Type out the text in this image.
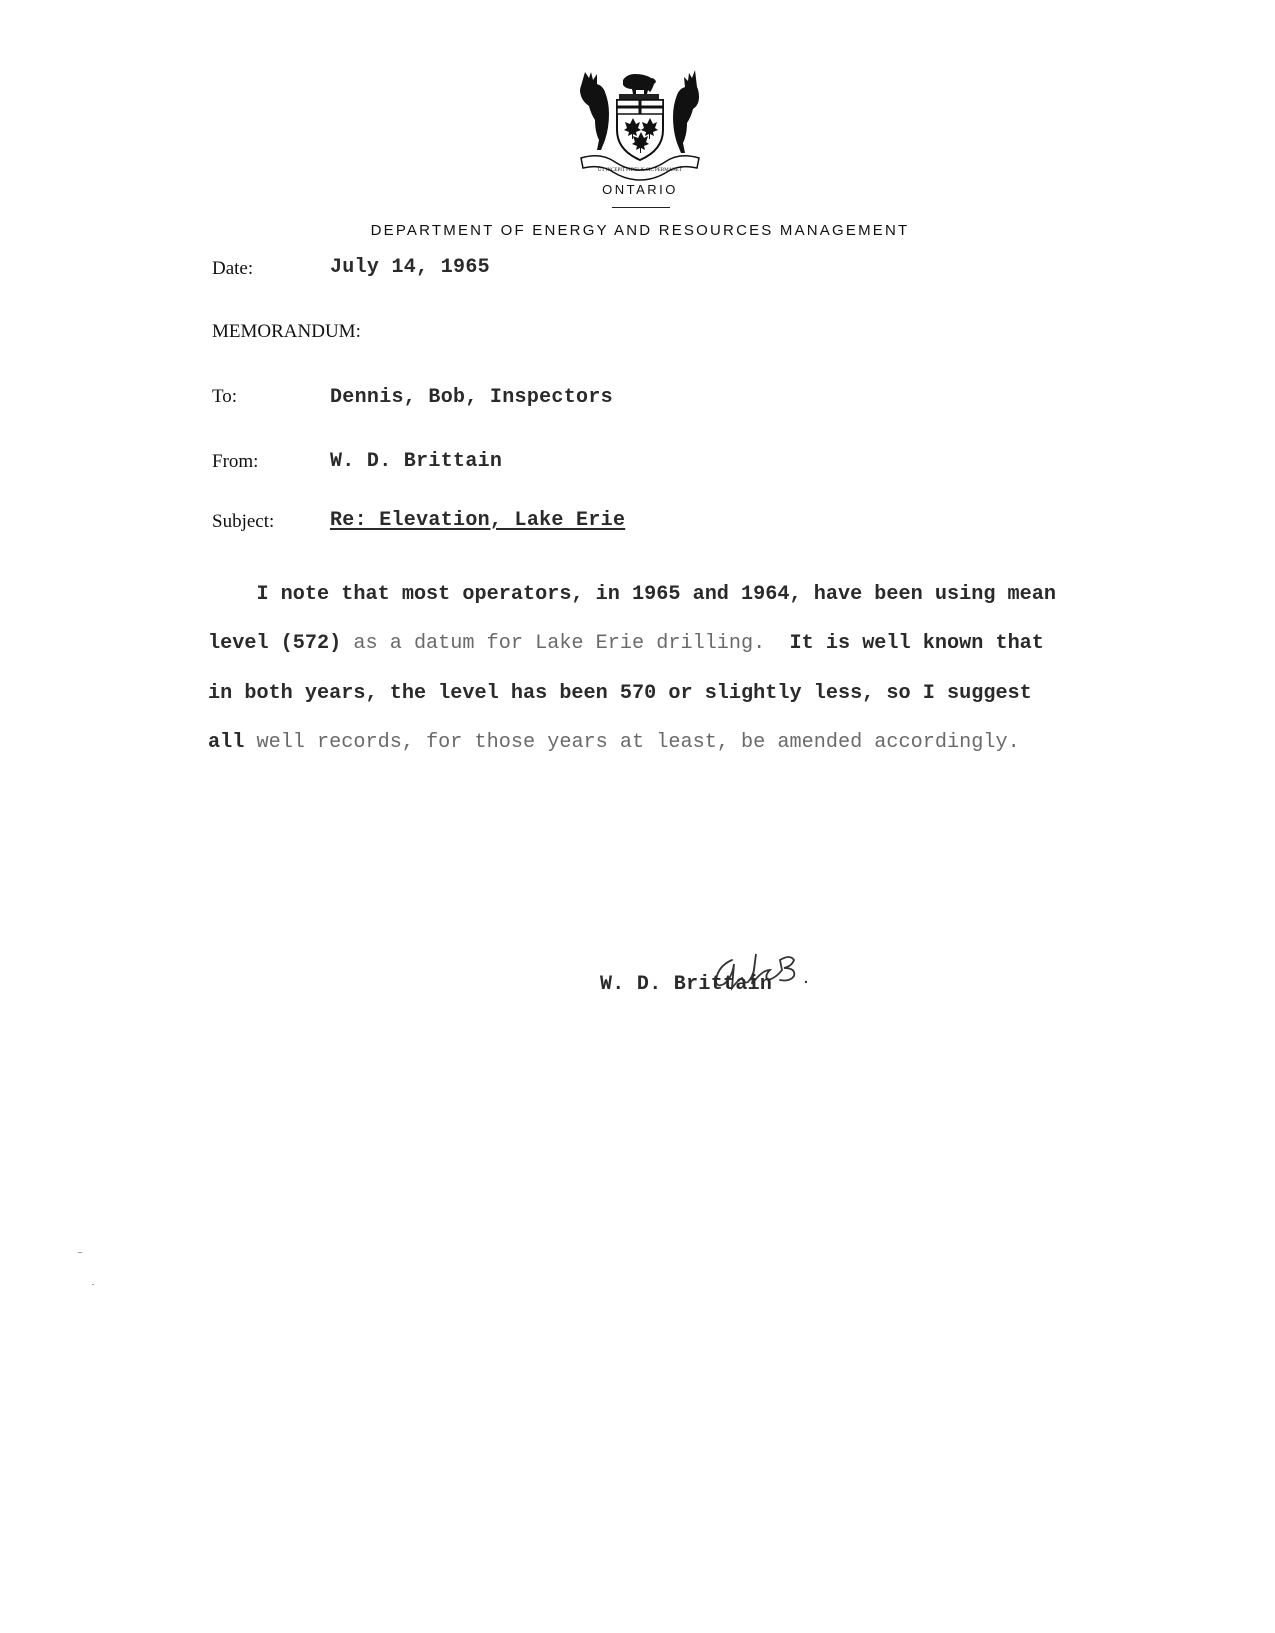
UT INCEPIT FIDELIS SIC PERMANET
ONTARIO
DEPARTMENT OF ENERGY AND RESOURCES MANAGEMENT
Date:	July 14, 1965
MEMORANDUM:
To:	Dennis, Bob, Inspectors
From:	W. D. Brittain
Subject:	Re: Elevation, Lake Erie
I note that most operators, in 1965 and 1964, have been using mean
level (572) as a datum for Lake Erie drilling.  It is well known that
in both years, the level has been 570 or slightly less, so I suggest
all well records, for those years at least, be amended accordingly.
W. D. Brittain
